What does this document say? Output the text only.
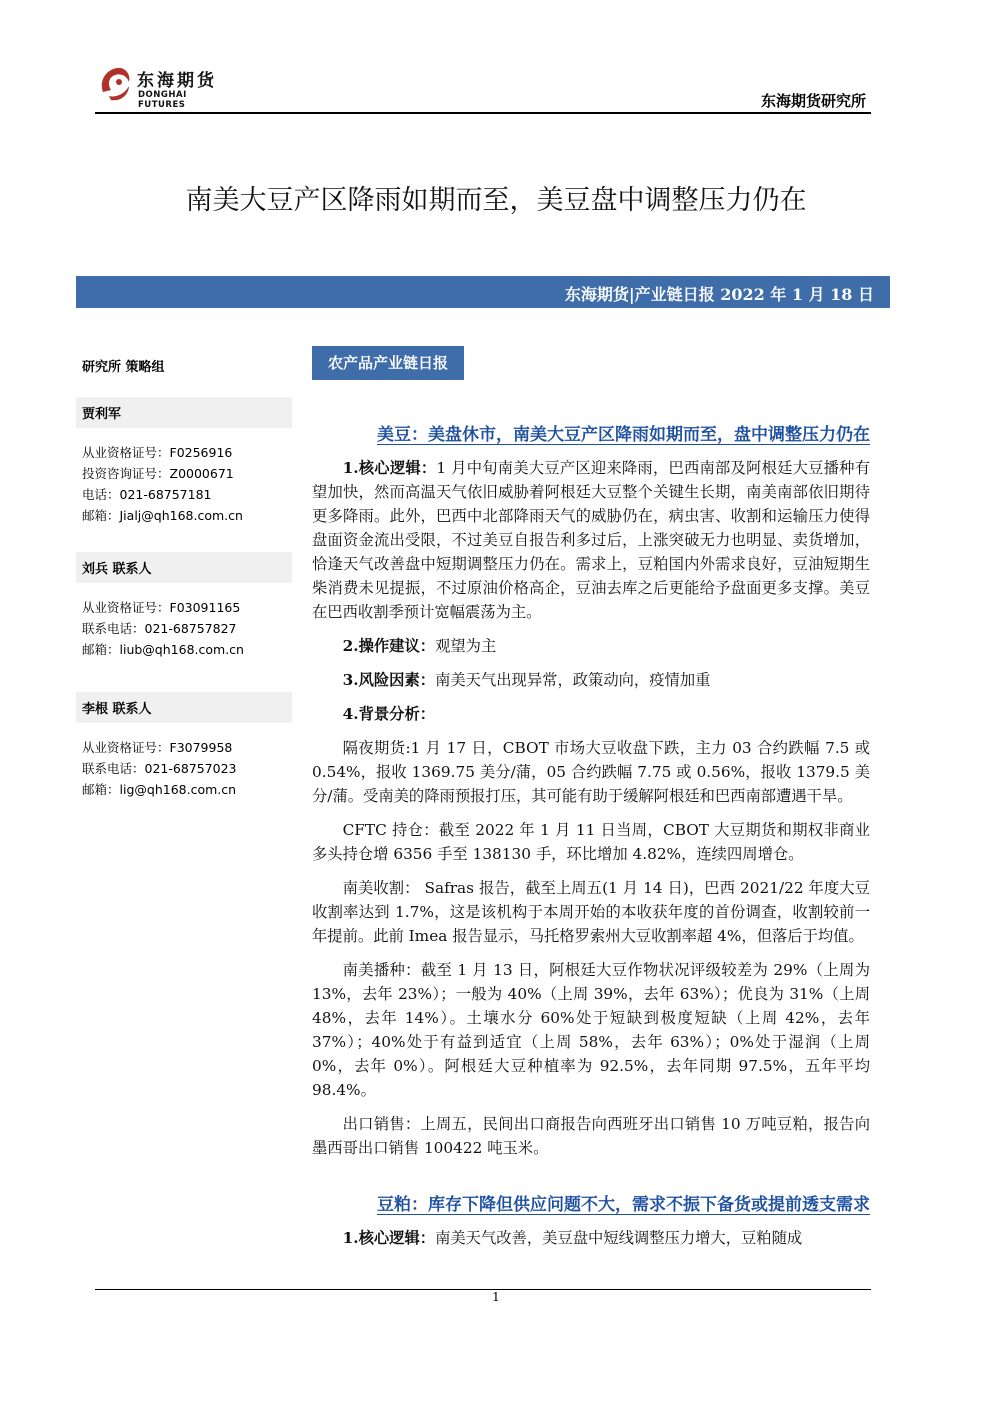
东海期货
DONGHAI FUTURES	东海期货研究所
南美大豆产区降雨如期而至，美豆盘中调整压力仍在
东海期货|产业链日报 2022 年 1 月 18 日
研究所 策略组
贾利军
从业资格证号：F0256916
投资咨询证号：Z0000671
电话：021-68757181
邮箱：Jialj@qh168.com.cn
刘兵 联系人
从业资格证号：F03091165
联系电话：021-68757827
邮箱：liub@qh168.com.cn
李根 联系人
从业资格证号：F3079958
联系电话：021-68757023
邮箱：lig@qh168.com.cn
农产品产业链日报
美豆：美盘休市，南美大豆产区降雨如期而至，盘中调整压力仍在

1.核心逻辑：1 月中旬南美大豆产区迎来降雨，巴西南部及阿根廷大豆播种有望加快，然而高温天气依旧威胁着阿根廷大豆整个关键生长期，南美南部依旧期待更多降雨。此外，巴西中北部降雨天气的威胁仍在，病虫害、收割和运输压力使得盘面资金流出受限，不过美豆自报告利多过后，上涨突破无力也明显、卖货增加，恰逢天气改善盘中短期调整压力仍在。需求上，豆粕国内外需求良好，豆油短期生柴消费未见提振，不过原油价格高企，豆油去库之后更能给予盘面更多支撑。美豆在巴西收割季预计宽幅震荡为主。

2.操作建议：观望为主

3.风险因素：南美天气出现异常，政策动向，疫情加重

4.背景分析：

隔夜期货:1 月 17 日，CBOT 市场大豆收盘下跌，主力 03 合约跌幅 7.5 或 0.54%，报收 1369.75 美分/蒲，05 合约跌幅 7.75 或 0.56%，报收 1379.5 美分/蒲。受南美的降雨预报打压，其可能有助于缓解阿根廷和巴西南部遭遇干旱。

CFTC 持仓：截至 2022 年 1 月 11 日当周，CBOT 大豆期货和期权非商业多头持仓增 6356 手至 138130 手，环比增加 4.82%，连续四周增仓。

南美收割： Safras 报告，截至上周五(1 月 14 日)，巴西 2021/22 年度大豆收割率达到 1.7%，这是该机构于本周开始的本收获年度的首份调查，收割较前一年提前。此前 Imea 报告显示，马托格罗索州大豆收割率超 4%，但落后于均值。

南美播种：截至 1 月 13 日，阿根廷大豆作物状况评级较差为 29%（上周为 13%，去年 23%）；一般为 40%（上周 39%，去年 63%）；优良为 31%（上周 48%，去年 14%）。土壤水分 60%处于短缺到极度短缺（上周 42%，去年 37%）；40%处于有益到适宜（上周 58%，去年 63%）；0%处于湿润（上周 0%，去年 0%）。阿根廷大豆种植率为 92.5%，去年同期 97.5%，五年平均 98.4%。

出口销售：上周五，民间出口商报告向西班牙出口销售 10 万吨豆粕，报告向墨西哥出口销售 100422 吨玉米。

豆粕：库存下降但供应问题不大，需求不振下备货或提前透支需求

1.核心逻辑：南美天气改善，美豆盘中短线调整压力增大，豆粕随成

1
